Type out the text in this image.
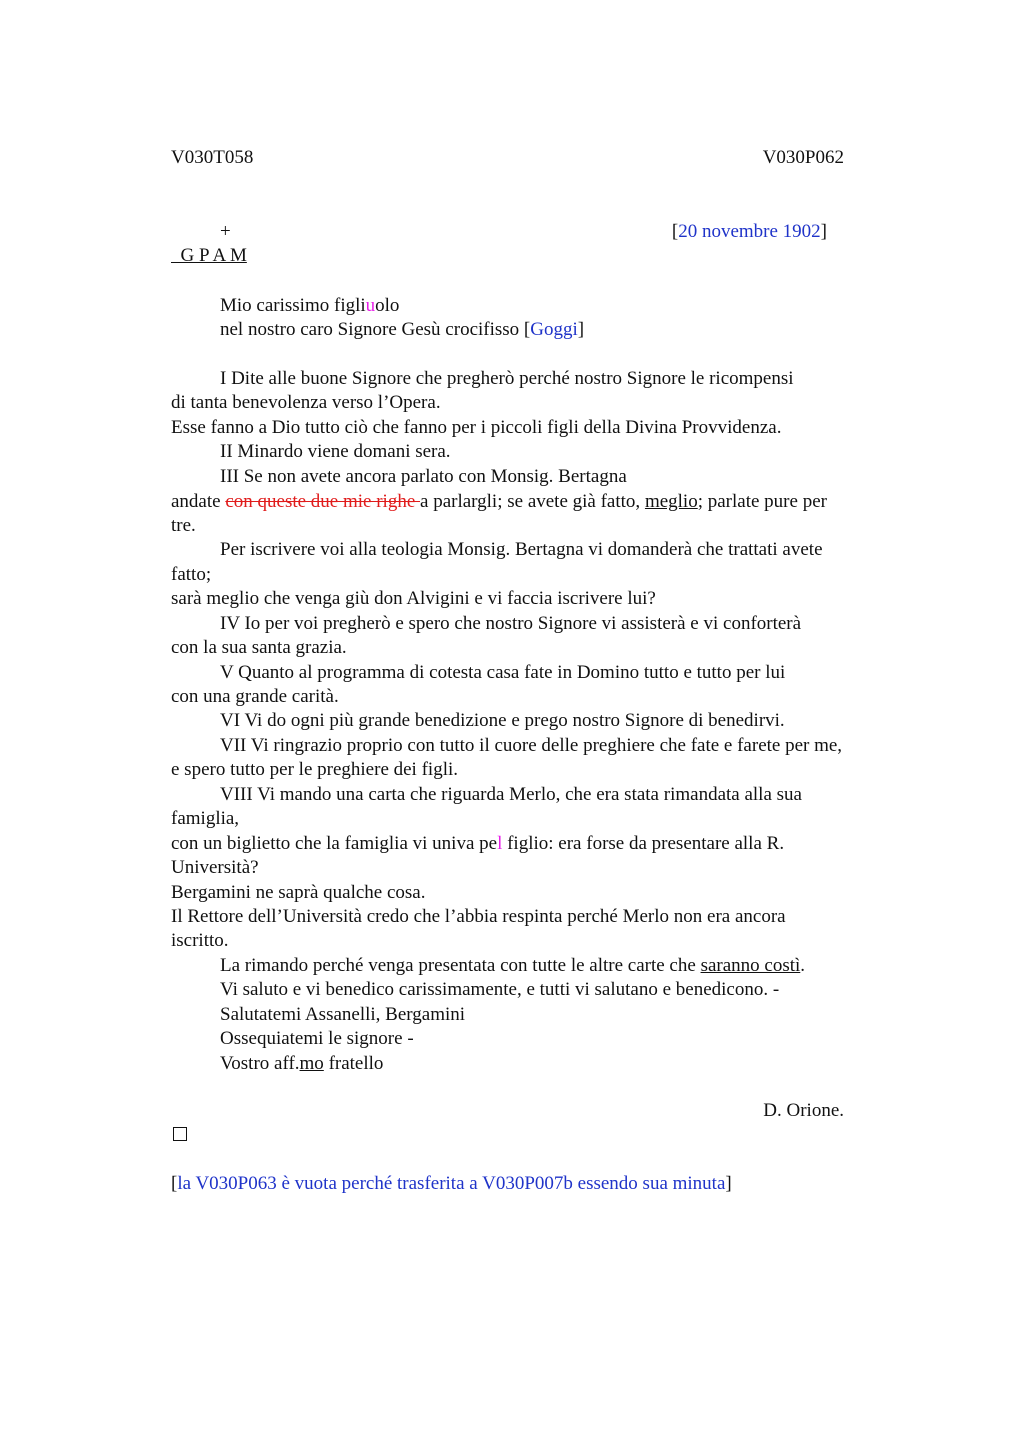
V030T058	V030P062
+	[20 novembre 1902]
G P A M
Mio carissimo figliuolo
nel nostro caro Signore Gesù crocifisso [Goggi]
I Dite alle buone Signore che pregherò perché nostro Signore le ricompensi
di tanta benevolenza verso l’Opera.
Esse fanno a Dio tutto ciò che fanno per i piccoli figli della Divina Provvidenza.
II Minardo viene domani sera.
III Se non avete ancora parlato con Monsig. Bertagna
andate con queste due mie righe a parlargli; se avete già fatto, meglio; parlate pure per
tre.
Per iscrivere voi alla teologia Monsig. Bertagna vi domanderà che trattati avete
fatto;
sarà meglio che venga giù don Alvigini e vi faccia iscrivere lui?
IV Io per voi pregherò e spero che nostro Signore vi assisterà e vi conforterà
con la sua santa grazia.
V Quanto al programma di cotesta casa fate in Domino tutto e tutto per lui
con una grande carità.
VI Vi do ogni più grande benedizione e prego nostro Signore di benedirvi.
VII Vi ringrazio proprio con tutto il cuore delle preghiere che fate e farete per me,
e spero tutto per le preghiere dei figli.
VIII Vi mando una carta che riguarda Merlo, che era stata rimandata alla sua
famiglia,
con un biglietto che la famiglia vi univa pel figlio: era forse da presentare alla R.
Università?
Bergamini ne saprà qualche cosa.
Il Rettore dell’Università credo che l’abbia respinta perché Merlo non era ancora
iscritto.
La rimando perché venga presentata con tutte le altre carte che saranno costì.
Vi saluto e vi benedico carissimamente, e tutti vi salutano e benedicono. -
Salutatemi Assanelli, Bergamini
Ossequiatemi le signore -
Vostro aff.mo fratello
D. Orione.
[la V030P063 è vuota perché trasferita a V030P007b essendo sua minuta]
